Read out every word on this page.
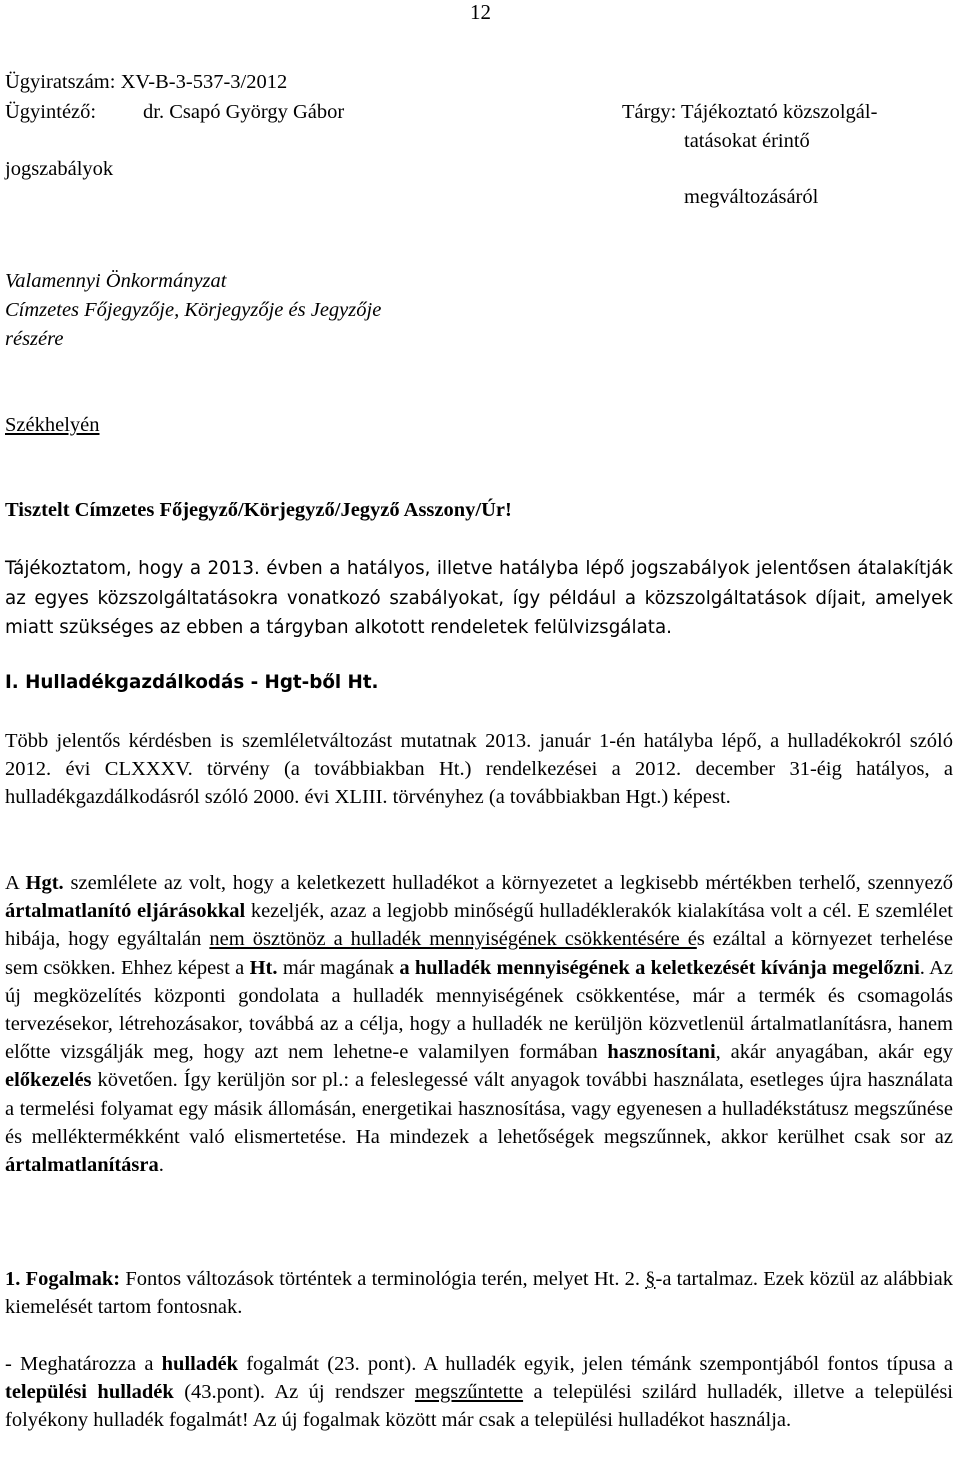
12
Ügyiratszám: XV-B-3-537-3/2012
Ügyintéző: dr. Csapó György Gábor	Tárgy: Tájékoztató közszolgál-
tatásokat érintő
jogszabályok
megváltozásáról
Valamennyi Önkormányzat
Címzetes Főjegyzője, Körjegyzője és Jegyzője
részére
Székhelyén
Tisztelt Címzetes Főjegyző/Körjegyző/Jegyző Asszony/Úr!

Tájékoztatom, hogy a 2013. évben a hatályos, illetve hatályba lépő jogszabályok jelentősen átalakítják az egyes közszolgáltatásokra vonatkozó szabályokat, így például a közszolgáltatások díjait, amelyek miatt szükséges az ebben a tárgyban alkotott rendeletek felülvizsgálata.

I. Hulladékgazdálkodás - Hgt-ből Ht.

Több jelentős kérdésben is szemléletváltozást mutatnak 2013. január 1-én hatályba lépő, a hulladékokról szóló 2012. évi CLXXXV. törvény (a továbbiakban Ht.) rendelkezései a 2012. december 31-éig hatályos, a hulladékgazdálkodásról szóló 2000. évi XLIII. törvényhez (a továbbiakban Hgt.) képest.

A Hgt. szemlélete az volt, hogy a keletkezett hulladékot a környezetet a legkisebb mértékben terhelő, szennyező ártalmatlanító eljárásokkal kezeljék, azaz a legjobb minőségű hulladéklerakók kialakítása volt a cél. E szemlélet hibája, hogy egyáltalán nem ösztönöz a hulladék mennyiségének csökkentésére és ezáltal a környezet terhelése sem csökken. Ehhez képest a Ht. már magának a hulladék mennyiségének a keletkezését kívánja megelőzni. Az új megközelítés központi gondolata a hulladék mennyiségének csökkentése, már a termék és csomagolás tervezésekor, létrehozásakor, továbbá az a célja, hogy a hulladék ne kerüljön közvetlenül ártalmatlanításra, hanem előtte vizsgálják meg, hogy azt nem lehetne-e valamilyen formában hasznosítani, akár anyagában, akár egy előkezelés követően. Így kerüljön sor pl.: a feleslegessé vált anyagok további használata, esetleges újra használata a termelési folyamat egy másik állomásán, energetikai hasznosítása, vagy egyenesen a hulladékstátusz megszűnése és melléktermékként való elismertetése. Ha mindezek a lehetőségek megszűnnek, akkor kerülhet csak sor az ártalmatlanításra.

1. Fogalmak: Fontos változások történtek a terminológia terén, melyet Ht. 2. §-a tartalmaz. Ezek közül az alábbiak kiemelését tartom fontosnak.

- Meghatározza a hulladék fogalmát (23. pont). A hulladék egyik, jelen témánk szempontjából fontos típusa a települési hulladék (43.pont). Az új rendszer megszűntette a települési szilárd hulladék, illetve a települési folyékony hulladék fogalmát! Az új fogalmak között már csak a települési hulladékot használja.
